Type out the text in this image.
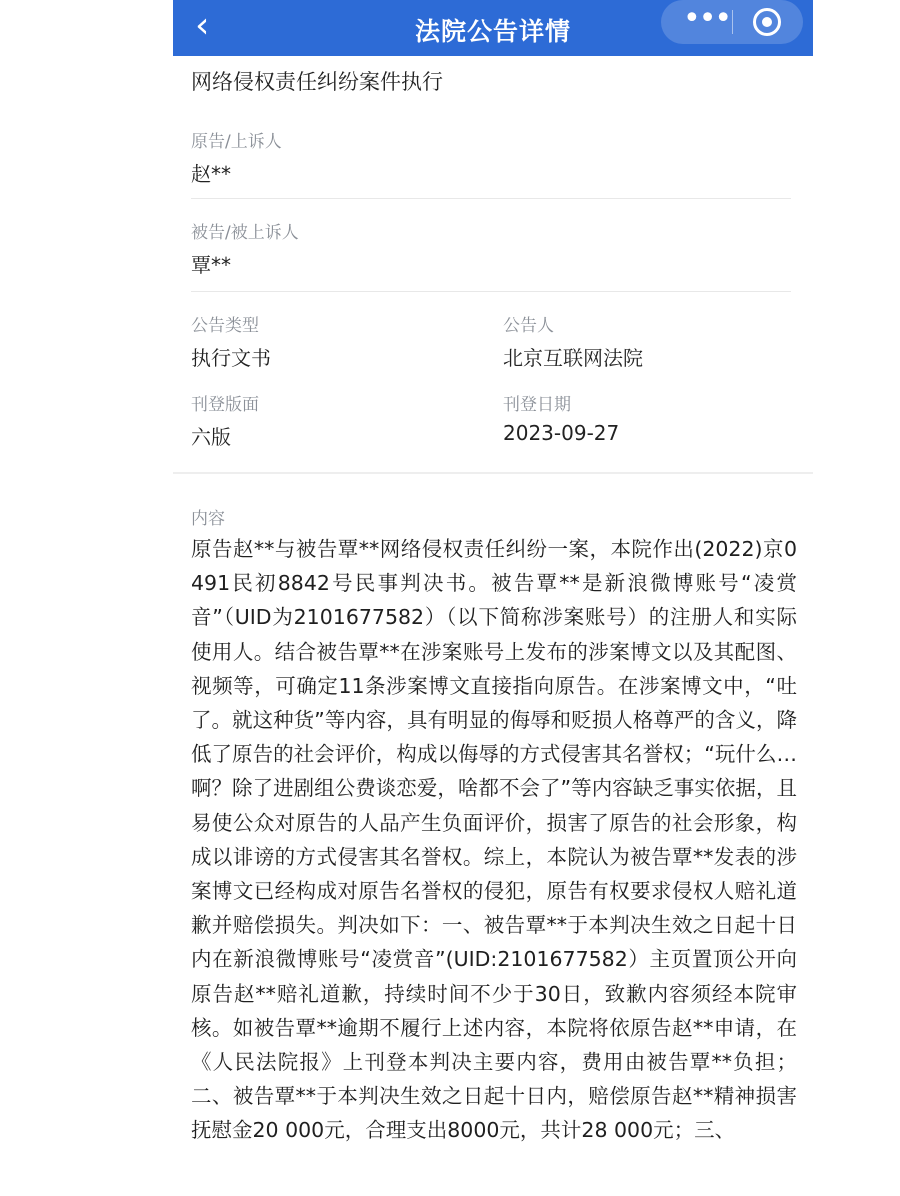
‹	法院公告详情	•••
网络侵权责任纠纷案件执行
原告/上诉人
赵**
被告/被上诉人
覃**
公告类型
执行文书
公告人
北京互联网法院
刊登版面
六版
刊登日期
2023-09-27
内容
原告赵**与被告覃**网络侵权责任纠纷一案，本院作出(2022)京0491民初8842号民事判决书。被告覃**是新浪微博账号“凌赏音”（UID为2101677582）（以下简称涉案账号）的注册人和实际使用人。结合被告覃**在涉案账号上发布的涉案博文以及其配图、视频等，可确定11条涉案博文直接指向原告。在涉案博文中，“吐了。就这种货”等内容，具有明显的侮辱和贬损人格尊严的含义，降低了原告的社会评价，构成以侮辱的方式侵害其名誉权；“玩什么…啊？除了进剧组公费谈恋爱，啥都不会了”等内容缺乏事实依据，且易使公众对原告的人品产生负面评价，损害了原告的社会形象，构成以诽谤的方式侵害其名誉权。综上，本院认为被告覃**发表的涉案博文已经构成对原告名誉权的侵犯，原告有权要求侵权人赔礼道歉并赔偿损失。判决如下：一、被告覃**于本判决生效之日起十日内在新浪微博账号“凌赏音”(UID:2101677582）主页置顶公开向原告赵**赔礼道歉，持续时间不少于30日，致歉内容须经本院审核。如被告覃**逾期不履行上述内容，本院将依原告赵**申请，在《人民法院报》上刊登本判决主要内容，费用由被告覃**负担；二、被告覃**于本判决生效之日起十日内，赔偿原告赵**精神损害抚慰金20 000元，合理支出8000元，共计28 000元；三、
